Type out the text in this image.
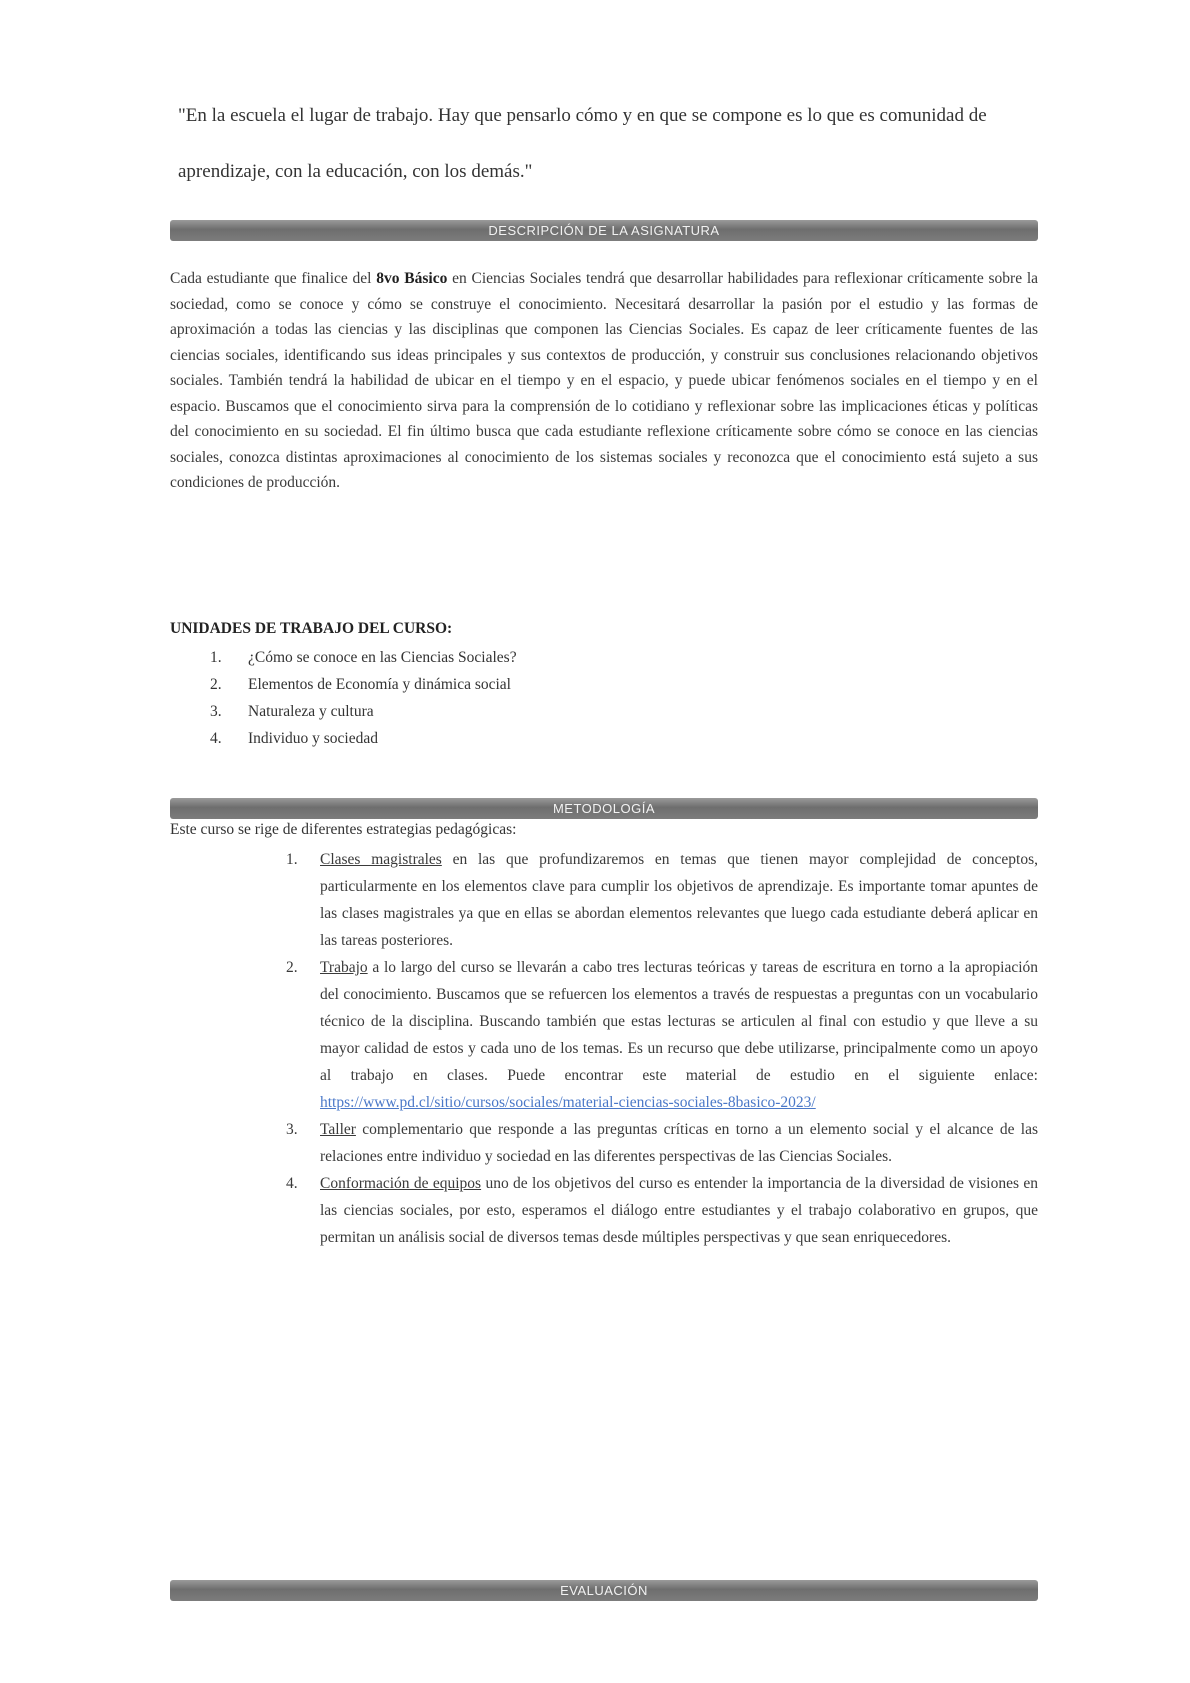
"En la escuela el lugar de trabajo. Hay que pensarlo cómo y en que se compone es lo que es comunidad de aprendizaje, con la educación, con los demás."
DESCRIPCIÓN DE LA ASIGNATURA
Cada estudiante que finalice del 8vo Básico en Ciencias Sociales tendrá que desarrollar habilidades para reflexionar críticamente sobre la sociedad, como se conoce y cómo se construye el conocimiento. Necesitará desarrollar la pasión por el estudio y las formas de aproximación a todas las ciencias y las disciplinas que componen las Ciencias Sociales. Es capaz de leer críticamente fuentes de las ciencias sociales, identificando sus ideas principales y sus contextos de producción, y construir sus conclusiones relacionando objetivos sociales. También tendrá la habilidad de ubicar en el tiempo y en el espacio, y puede ubicar fenómenos sociales en el tiempo y en el espacio. Buscamos que el conocimiento sirva para la comprensión de lo cotidiano y reflexionar sobre las implicaciones éticas y políticas del conocimiento en su sociedad. El fin último busca que cada estudiante reflexione críticamente sobre cómo se conoce en las ciencias sociales, conozca distintas aproximaciones al conocimiento de los sistemas sociales y reconozca que el conocimiento está sujeto a sus condiciones de producción.
UNIDADES DE TRABAJO DEL CURSO:
1. ¿Cómo se conoce en las Ciencias Sociales?
2. Elementos de Economía y dinámica social
3. Naturaleza y cultura
4. Individuo y sociedad
METODOLOGÍA
Este curso se rige de diferentes estrategias pedagógicas:
1. Clases magistrales en las que profundizaremos en temas que tienen mayor complejidad de conceptos, particularmente en los elementos clave para cumplir los objetivos de aprendizaje. Es importante tomar apuntes de las clases magistrales ya que en ellas se abordan elementos relevantes que luego cada estudiante deberá aplicar en las tareas posteriores.
2. Trabajo a lo largo del curso se llevarán a cabo tres lecturas teóricas y tareas de escritura en torno a la apropiación del conocimiento. Buscamos que se refuercen los elementos a través de respuestas a preguntas con un vocabulario técnico de la disciplina. Buscando también que estas lecturas se articulen al final con estudio y que lleve a su mayor calidad de estos y cada uno de los temas. Es un recurso que debe utilizarse, principalmente como un apoyo al trabajo en clases. Puede encontrar este material de estudio en el siguiente enlace: https://www.pd.cl/sitio/cursos/sociales/material-ciencias-sociales-8basico-2023/
3. Taller complementario que responde a las preguntas críticas en torno a un elemento social y el alcance de las relaciones entre individuo y sociedad en las diferentes perspectivas de las Ciencias Sociales.
4. Conformación de equipos uno de los objetivos del curso es entender la importancia de la diversidad de visiones en las ciencias sociales, por esto, esperamos el diálogo entre estudiantes y el trabajo colaborativo en grupos, que permitan un análisis social de diversos temas desde múltiples perspectivas y que sean enriquecedores.
EVALUACIÓN
